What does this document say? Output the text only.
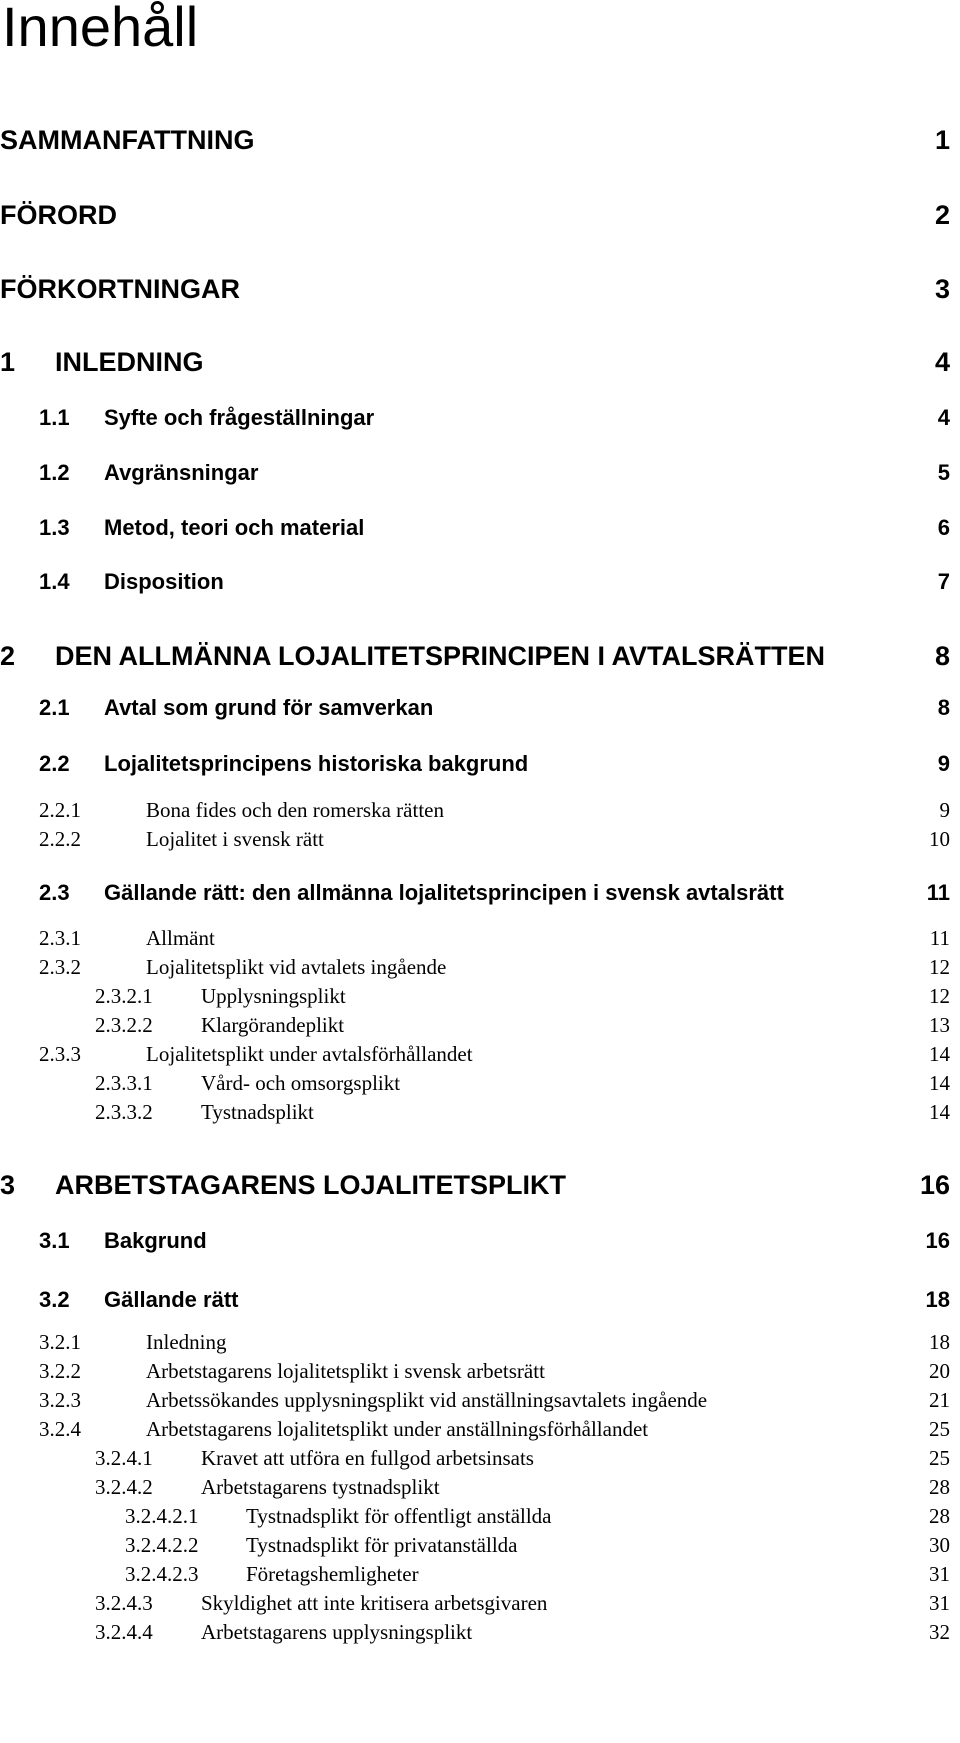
Innehåll
SAMMANFATTNING	1
FÖRORD	2
FÖRKORTNINGAR	3
1 INLEDNING	4
1.1 Syfte och frågeställningar	4
1.2 Avgränsningar	5
1.3 Metod, teori och material	6
1.4 Disposition	7
2 DEN ALLMÄNNA LOJALITETSPRINCIPEN I AVTALSRÄTTEN	8
2.1 Avtal som grund för samverkan	8
2.2 Lojalitetsprincipens historiska bakgrund	9
2.2.1	Bona fides och den romerska rätten	9
2.2.2	Lojalitet i svensk rätt	10
2.3 Gällande rätt: den allmänna lojalitetsprincipen i svensk avtalsrätt	11
2.3.1	Allmänt	11
2.3.2	Lojalitetsplikt vid avtalets ingående	12
2.3.2.1 Upplysningsplikt	12
2.3.2.2 Klargörandeplikt	13
2.3.3	Lojalitetsplikt under avtalsförhållandet	14
2.3.3.1 Vård- och omsorgsplikt	14
2.3.3.2 Tystnadsplikt	14
3 ARBETSTAGARENS LOJALITETSPLIKT	16
3.1 Bakgrund	16
3.2 Gällande rätt	18
3.2.1	Inledning	18
3.2.2	Arbetstagarens lojalitetsplikt i svensk arbetsrätt	20
3.2.3	Arbetssökandes upplysningsplikt vid anställningsavtalets ingående	21
3.2.4	Arbetstagarens lojalitetsplikt under anställningsförhållandet	25
3.2.4.1 Kravet att utföra en fullgod arbetsinsats	25
3.2.4.2 Arbetstagarens tystnadsplikt	28
3.2.4.2.1 Tystnadsplikt för offentligt anställda	28
3.2.4.2.2 Tystnadsplikt för privatanställda	30
3.2.4.2.3 Företagshemligheter	31
3.2.4.3 Skyldighet att inte kritisera arbetsgivaren	31
3.2.4.4 Arbetstagarens upplysningsplikt	32
